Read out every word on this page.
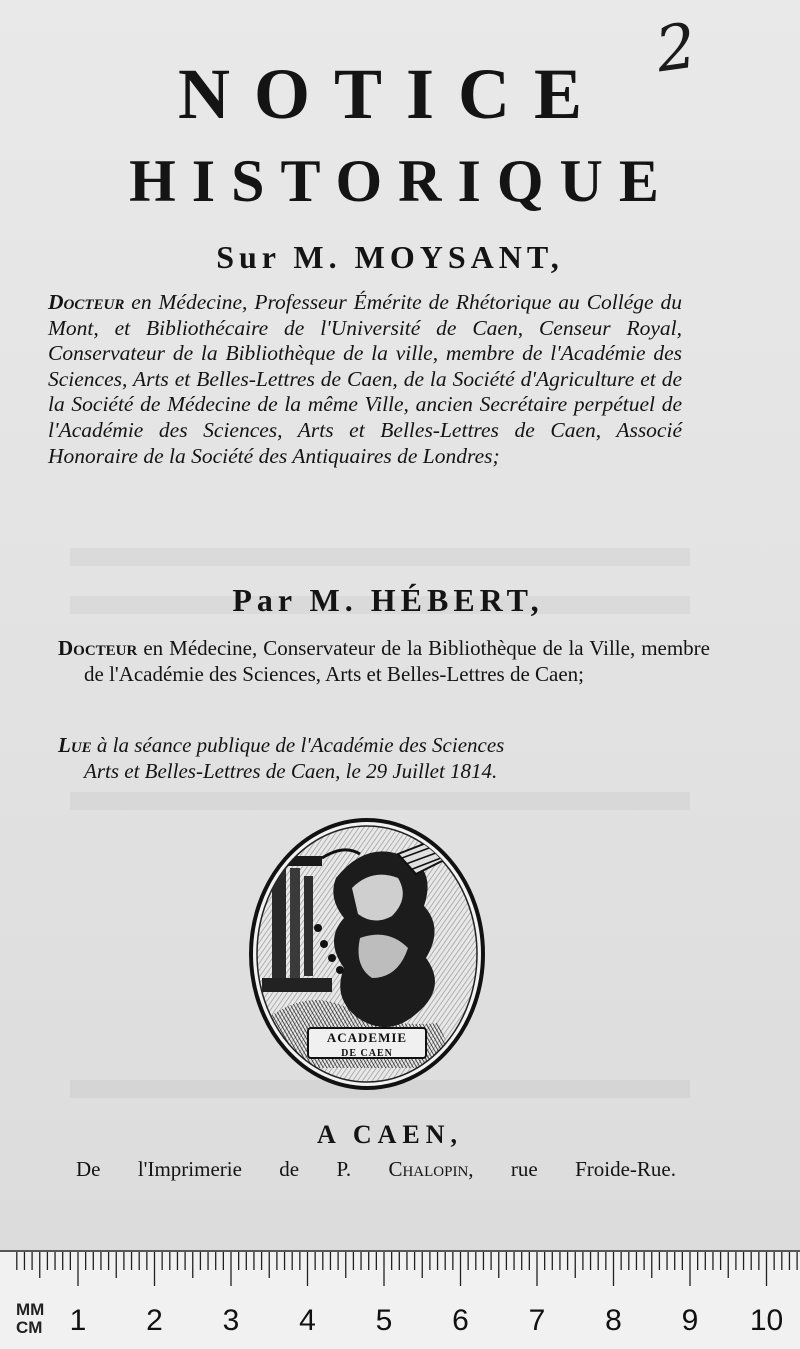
2
NOTICE
HISTORIQUE
Sur M. MOYSANT,
Docteur en Médecine, Professeur Émérite de Rhétorique au Collége du Mont, et Bibliothécaire de l'Université de Caen, Censeur Royal, Conservateur de la Bibliothèque de la ville, membre de l'Académie des Sciences, Arts et Belles-Lettres de Caen, de la Société d'Agriculture et de la Société de Médecine de la même Ville, ancien Secrétaire perpétuel de l'Académie des Sciences, Arts et Belles-Lettres de Caen, Associé Honoraire de la Société des Antiquaires de Londres;
Par M. HÉBERT,
Docteur en Médecine, Conservateur de la Bibliothèque de la Ville, membre de l'Académie des Sciences, Arts et Belles-Lettres de Caen;
Lue à la séance publique de l'Académie des Sciences
Arts et Belles-Lettres de Caen, le 29 Juillet 1814.
ACADEMIE
DE CAEN
A CAEN,
De l'Imprimerie de P. Chalopin, rue Froide-Rue.
MM
CM 1	2	3	4	5	6	7	8	9	10
